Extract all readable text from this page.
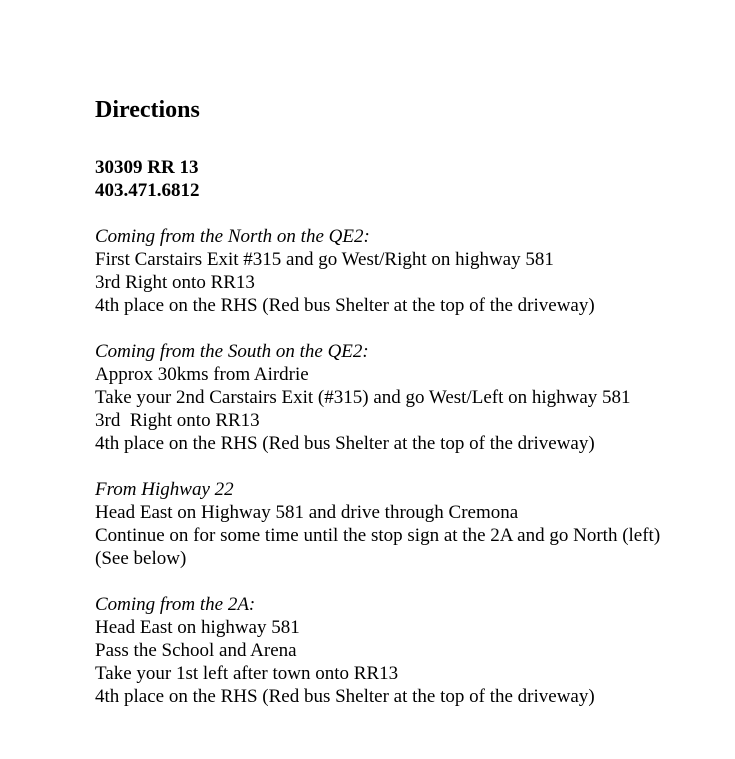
Directions
30309 RR 13
403.471.6812
Coming from the North on the QE2:
First Carstairs Exit #315 and go West/Right on highway 581
3rd Right onto RR13
4th place on the RHS (Red bus Shelter at the top of the driveway)
Coming from the South on the QE2:
Approx 30kms from Airdrie
Take your 2nd Carstairs Exit (#315) and go West/Left on highway 581
3rd  Right onto RR13
4th place on the RHS (Red bus Shelter at the top of the driveway)
From Highway 22
Head East on Highway 581 and drive through Cremona
Continue on for some time until the stop sign at the 2A and go North (left)
(See below)
Coming from the 2A:
Head East on highway 581
Pass the School and Arena
Take your 1st left after town onto RR13
4th place on the RHS (Red bus Shelter at the top of the driveway)
